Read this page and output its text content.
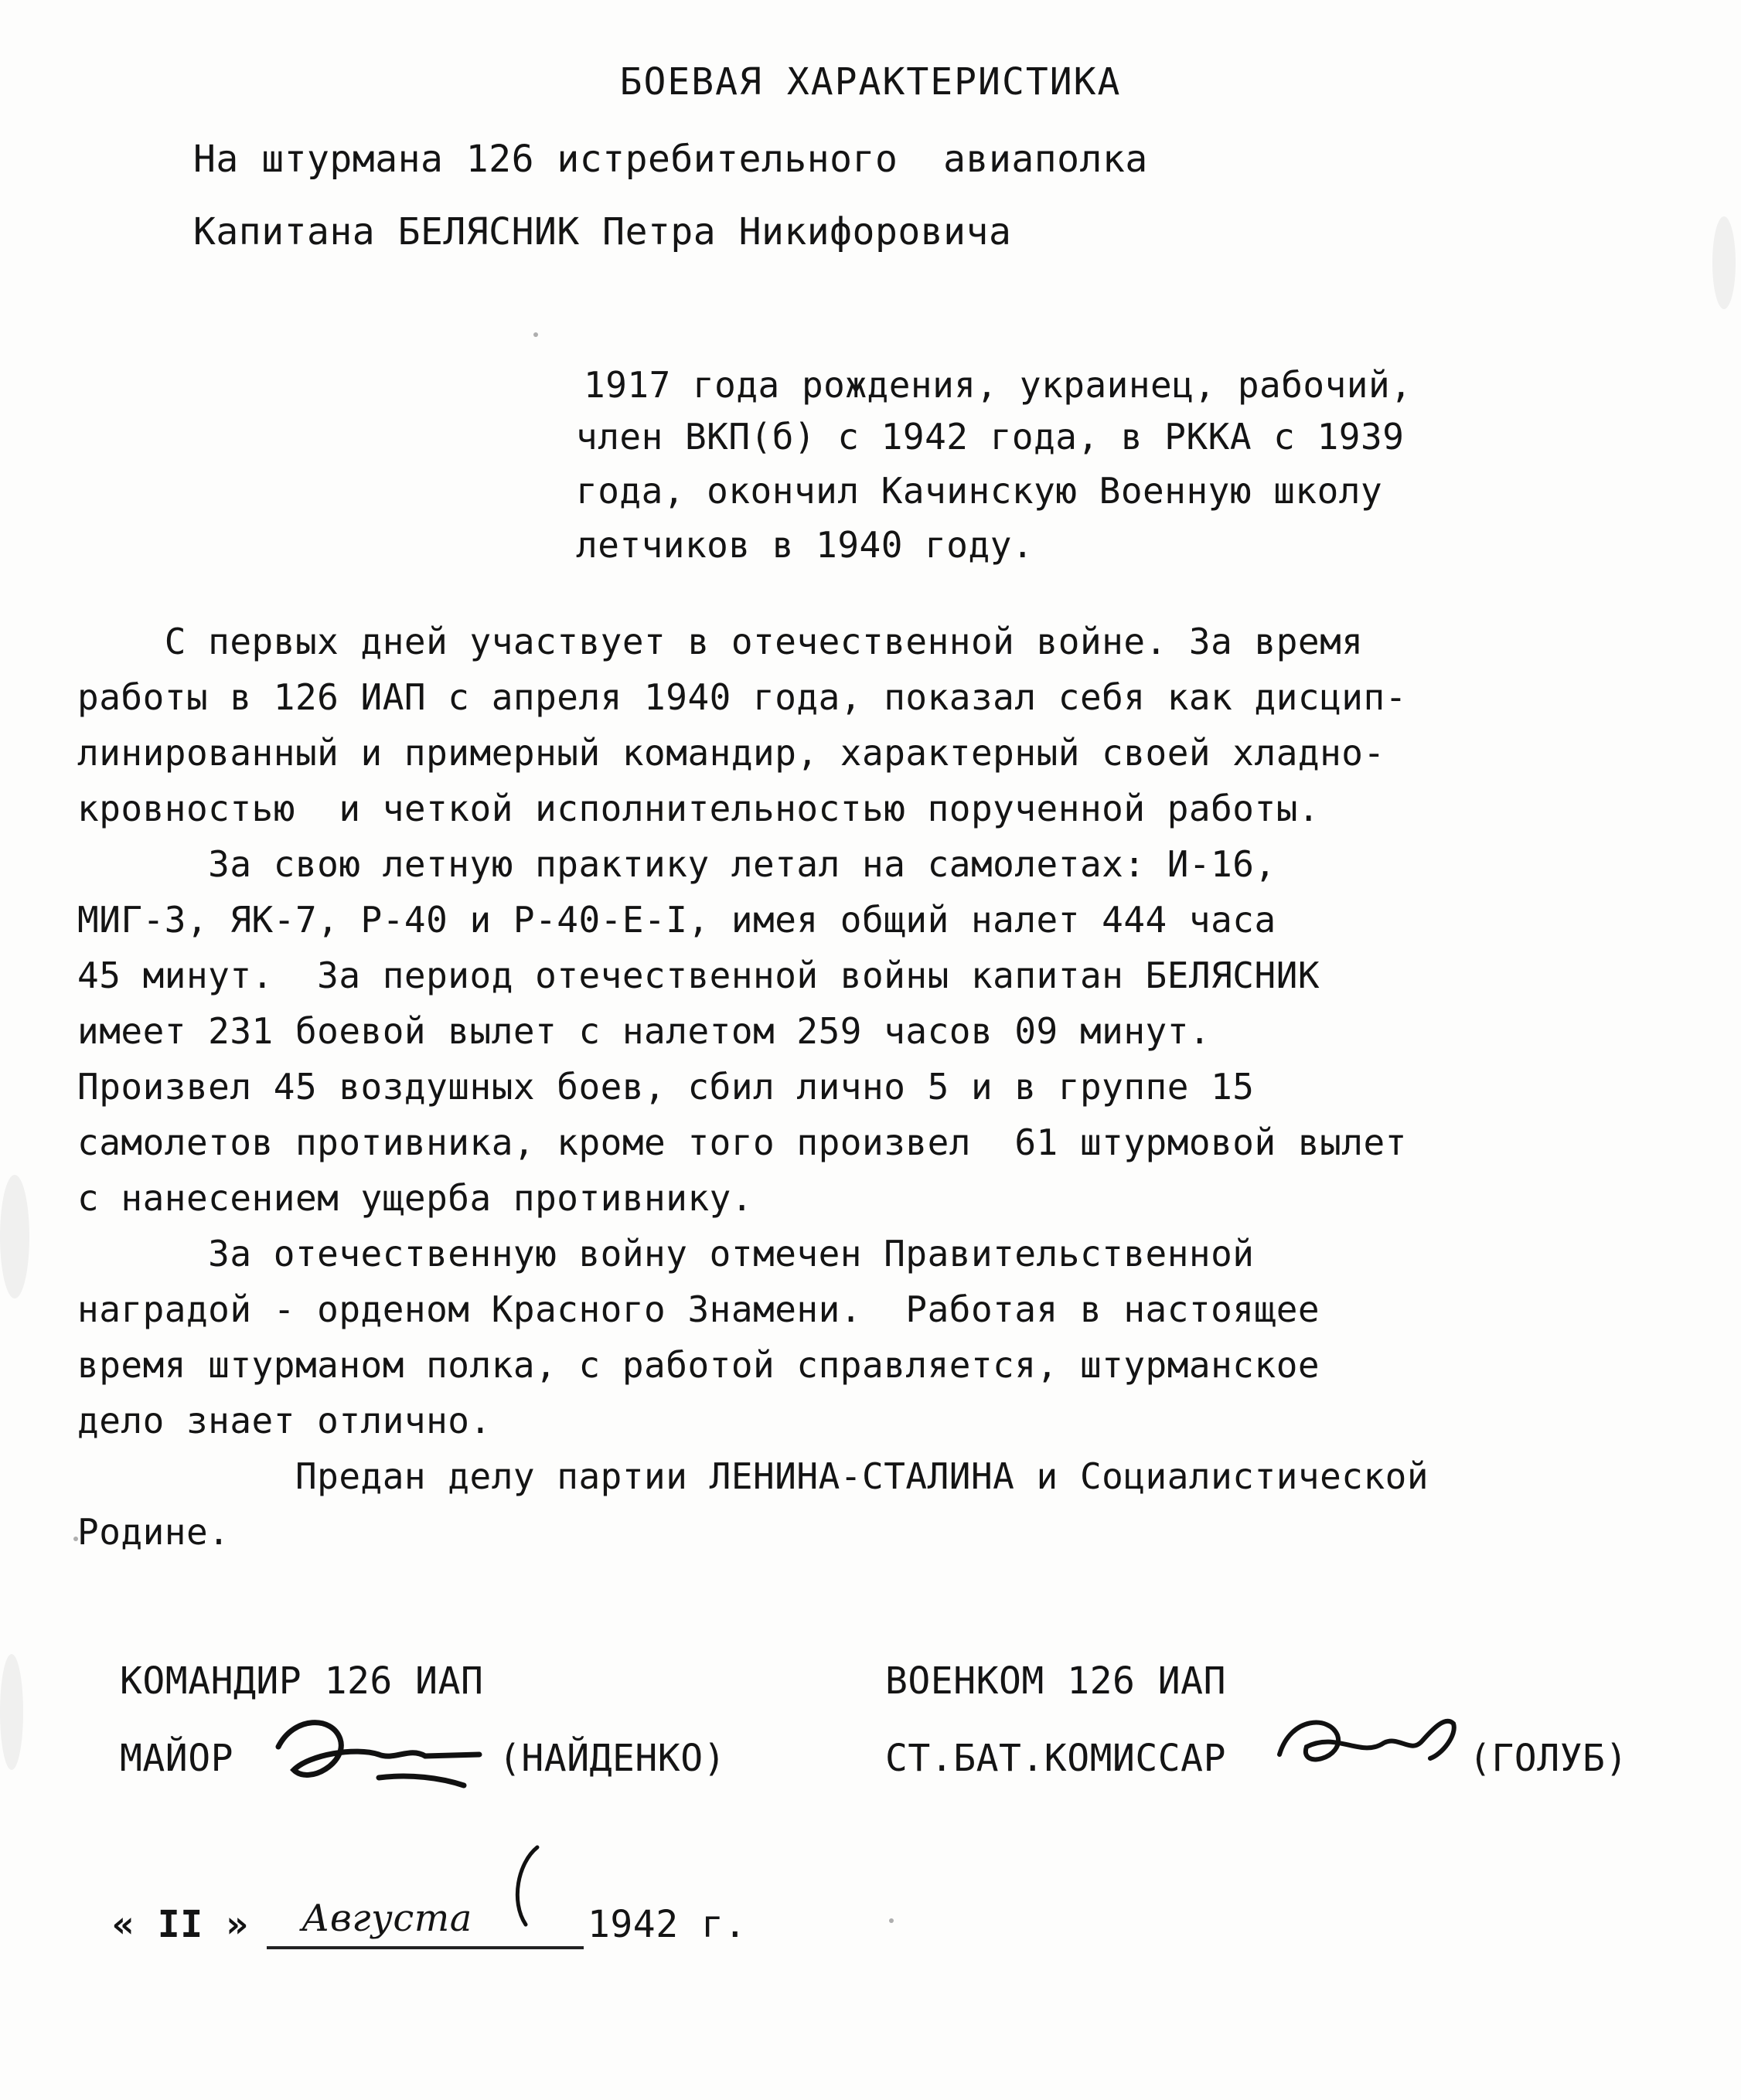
БОЕВАЯ ХАРАКТЕРИСТИКА
На штурмана 126 истребительного  авиаполка
Капитана БЕЛЯСНИК Петра Никифоровича
1917 года рождения, украинец, рабочий,
член ВКП(б) с 1942 года, в РККА с 1939
года, окончил Качинскую Военную школу
летчиков в 1940 году.
С первых дней участвует в отечественной войне. За время
работы в 126 ИАП с апреля 1940 года, показал себя как дисцип-
линированный и примерный командир, характерный своей хладно-
кровностью  и четкой исполнительностью порученной работы.
За свою летную практику летал на самолетах: И-16,
МИГ-3, ЯК-7, Р-40 и Р-40-Е-I, имея общий налет 444 часа
45 минут.  За период отечественной войны капитан БЕЛЯСНИК
имеет 231 боевой вылет с налетом 259 часов 09 минут.
Произвел 45 воздушных боев, сбил лично 5 и в группе 15
самолетов противника, кроме того произвел  61 штурмовой вылет
с нанесением ущерба противнику.
За отечественную войну отмечен Правительственной
наградой - орденом Красного Знамени.  Работая в настоящее
время штурманом полка, с работой справляется, штурманское
дело знает отлично.
Предан делу партии ЛЕНИНА-СТАЛИНА и Социалистической
Родине.
КОМАНДИР 126 ИАП
МАЙОР	(НАЙДЕНКО)
ВОЕНКОМ 126 ИАП
СТ.БАТ.КОМИССАР	(ГОЛУБ)
« II » Августа	1942 г.
